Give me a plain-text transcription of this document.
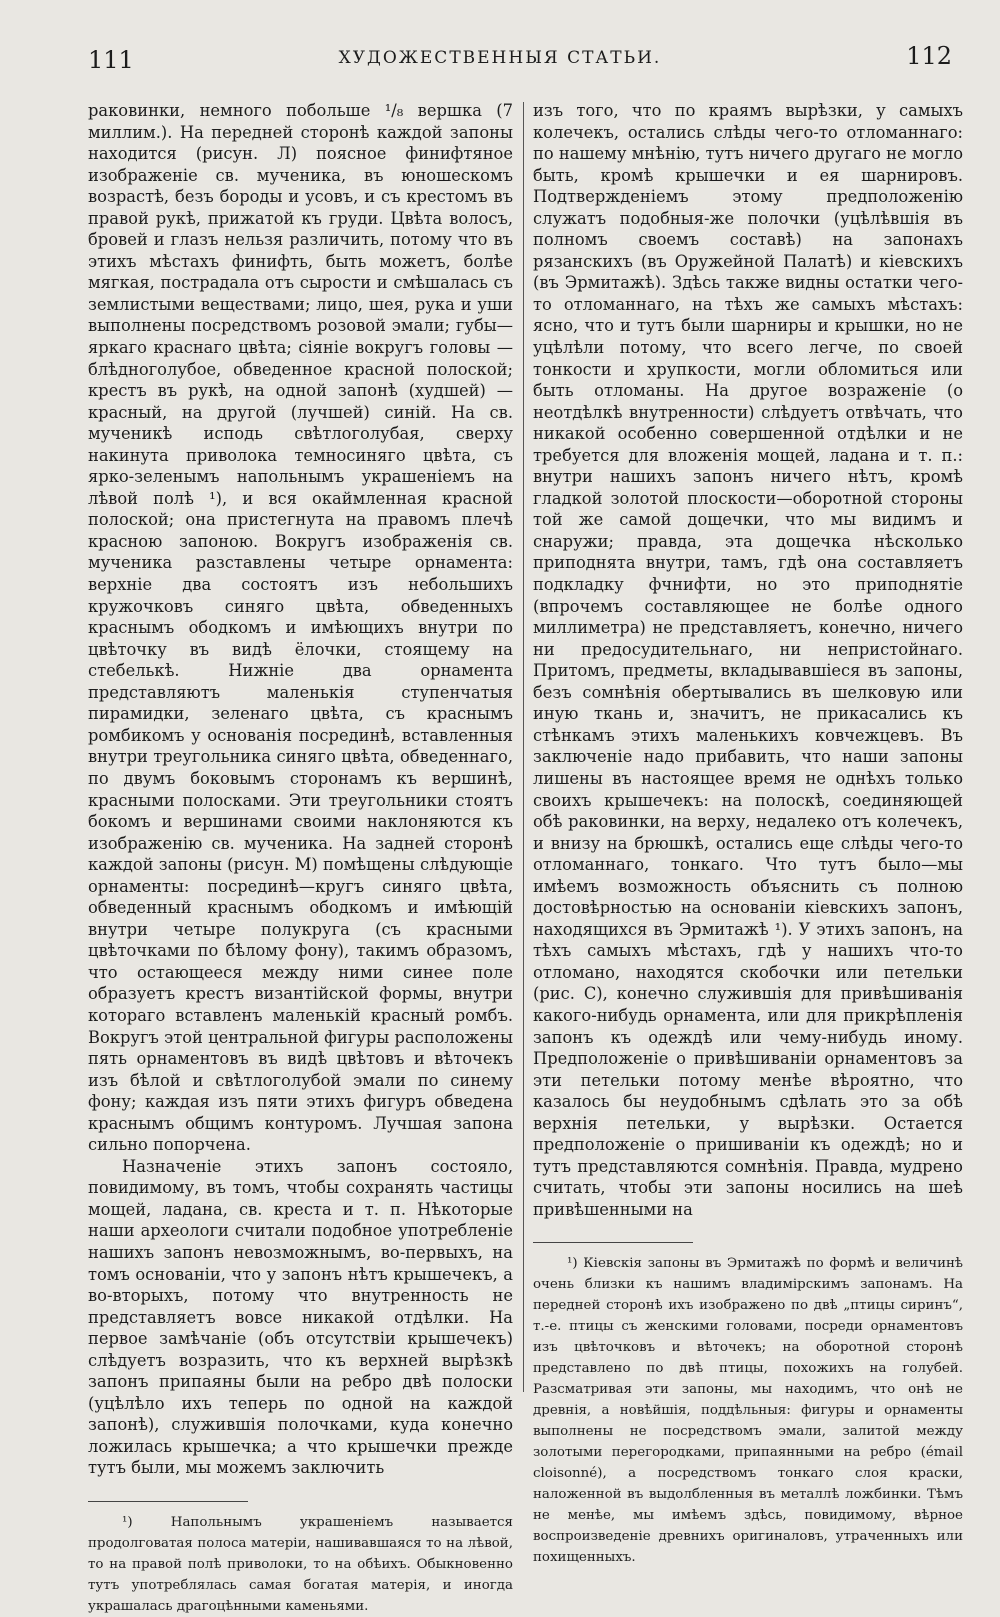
111	ХУДОЖЕСТВЕННЫЯ СТАТЬИ.	112

раковинки, немного побольше ¹/₈ вершка (7 миллим.). На передней сторонѣ каждой запоны находится (рисун. Л) поясное финифтяное изображеніе св. мученика, въ юношескомъ возрастѣ, безъ бороды и усовъ, и съ крестомъ въ правой рукѣ, прижатой къ груди. Цвѣта волосъ, бровей и глазъ нельзя различить, потому что въ этихъ мѣстахъ финифть, быть можетъ, болѣе мягкая, пострадала отъ сырости и смѣшалась съ землистыми веществами; лицо, шея, рука и уши выполнены посредствомъ розовой эмали; губы—яркаго краснаго цвѣта; сіяніе вокругъ головы —блѣдноголубое, обведенное красной полоской; крестъ въ рукѣ, на одной запонѣ (худшей) — красный, на другой (лучшей) синій. На св. мученикѣ исподь свѣтлоголубая, сверху накинута приволока темносиняго цвѣта, съ ярко-зеленымъ напольнымъ украшеніемъ на лѣвой полѣ ¹), и вся окаймленная красной полоской; она пристегнута на правомъ плечѣ красною запоною. Вокругъ изображенія св. мученика разставлены четыре орнамента: верхніе два состоятъ изъ небольшихъ кружочковъ синяго цвѣта, обведенныхъ краснымъ ободкомъ и имѣющихъ внутри по цвѣточку въ видѣ ёлочки, стоящему на стебелькѣ. Нижніе два орнамента представляютъ маленькія ступенчатыя пирамидки, зеленаго цвѣта, съ краснымъ ромбикомъ у основанія посрединѣ, вставленныя внутри треугольника синяго цвѣта, обведеннаго, по двумъ боковымъ сторонамъ къ вершинѣ, красными полосками. Эти треугольники стоятъ бокомъ и вершинами своими наклоняются къ изображенію св. мученика. На задней сторонѣ каждой запоны (рисун. М) помѣщены слѣдующіе орнаменты: посрединѣ—кругъ синяго цвѣта, обведенный краснымъ ободкомъ и имѣющій внутри четыре полукруга (съ красными цвѣточками по бѣлому фону), такимъ образомъ, что остающееся между ними синее поле образуетъ крестъ византійской формы, внутри котораго вставленъ маленькій красный ромбъ. Вокругъ этой центральной фигуры расположены пять орнаментовъ въ видѣ цвѣтовъ и вѣточекъ изъ бѣлой и свѣтлоголубой эмали по синему фону; каждая изъ пяти этихъ фигуръ обведена краснымъ общимъ контуромъ. Лучшая запона сильно попорчена.

Назначеніе этихъ запонъ состояло, повидимому, въ томъ, чтобы сохранять частицы мощей, ладана, св. креста и т. п. Нѣкоторые наши археологи считали подобное употребленіе нашихъ запонъ невозможнымъ, во-первыхъ, на томъ основаніи, что у запонъ нѣтъ крышечекъ, а во-вторыхъ, потому что внутренность не представляетъ вовсе никакой отдѣлки. На первое замѣчаніе (объ отсутствіи крышечекъ) слѣдуетъ возразить, что къ верхней вырѣзкѣ запонъ припаяны были на ребро двѣ полоски (уцѣлѣло ихъ теперь по одной на каждой запонѣ), служившія полочками, куда конечно ложилась крышечка; а что крышечки прежде тутъ были, мы можемъ заключить

¹) Напольнымъ украшеніемъ называется продолговатая полоса матеріи, нашивавшаяся то на лѣвой, то на правой полѣ приволоки, то на обѣихъ. Обыкновенно тутъ употреблялась самая богатая матерія, и иногда украшалась драгоцѣнными каменьями.

изъ того, что по краямъ вырѣзки, у самыхъ колечекъ, остались слѣды чего-то отломаннаго: по нашему мнѣнію, тутъ ничего другаго не могло быть, кромѣ крышечки и ея шарнировъ. Подтвержденіемъ этому предположенію служатъ подобныя-же полочки (уцѣлѣвшія въ полномъ своемъ составѣ) на запонахъ рязанскихъ (въ Оружейной Палатѣ) и кіевскихъ (въ Эрмитажѣ). Здѣсь также видны остатки чего-то отломаннаго, на тѣхъ же самыхъ мѣстахъ: ясно, что и тутъ были шарниры и крышки, но не уцѣлѣли потому, что всего легче, по своей тонкости и хрупкости, могли обломиться или быть отломаны. На другое возраженіе (о неотдѣлкѣ внутренности) слѣдуетъ отвѣчать, что никакой особенно совершенной отдѣлки и не требуется для вложенія мощей, ладана и т. п.: внутри нашихъ запонъ ничего нѣтъ, кромѣ гладкой золотой плоскости—оборотной стороны той же самой дощечки, что мы видимъ и снаружи; правда, эта дощечка нѣсколько приподнята внутри, тамъ, гдѣ она составляетъ подкладку фчнифти, но это приподнятіе (впрочемъ составляющее не болѣе одного миллиметра) не представляетъ, конечно, ничего ни предосудительнаго, ни непристойнаго. Притомъ, предметы, вкладывавшіеся въ запоны, безъ сомнѣнія обертывались въ шелковую или иную ткань и, значитъ, не прикасались къ стѣнкамъ этихъ маленькихъ ковчежцевъ. Въ заключеніе надо прибавить, что наши запоны лишены въ настоящее время не однѣхъ только своихъ крышечекъ: на полоскѣ, соединяющей обѣ раковинки, на верху, недалеко отъ колечекъ, и внизу на брюшкѣ, остались еще слѣды чего-то отломаннаго, тонкаго. Что тутъ было—мы имѣемъ возможность объяснить съ полною достовѣрностью на основаніи кіевскихъ запонъ, находящихся въ Эрмитажѣ ¹). У этихъ запонъ, на тѣхъ самыхъ мѣстахъ, гдѣ у нашихъ что-то отломано, находятся скобочки или петельки (рис. С), конечно служившія для привѣшиванія какого-нибудь орнамента, или для прикрѣпленія запонъ къ одеждѣ или чему-нибудь иному. Предположеніе о привѣшиваніи орнаментовъ за эти петельки потому менѣе вѣроятно, что казалось бы неудобнымъ сдѣлать это за обѣ верхнія петельки, у вырѣзки. Остается предположеніе о пришиваніи къ одеждѣ; но и тутъ представляются сомнѣнія. Правда, мудрено считать, чтобы эти запоны носились на шеѣ привѣшенными на

¹) Кіевскія запоны въ Эрмитажѣ по формѣ и величинѣ очень близки къ нашимъ владимірскимъ запонамъ. На передней сторонѣ ихъ изображено по двѣ „птицы сиринъ“, т.-е. птицы съ женскими головами, посреди орнаментовъ изъ цвѣточковъ и вѣточекъ; на оборотной сторонѣ представлено по двѣ птицы, похожихъ на голубей. Разсматривая эти запоны, мы находимъ, что онѣ не древнія, а новѣйшія, поддѣльныя: фигуры и орнаменты выполнены не посредствомъ эмали, залитой между золотыми перегородками, припаянными на ребро (émail cloisonné), а посредствомъ тонкаго слоя краски, наложенной въ выдолбленныя въ металлѣ ложбинки. Тѣмъ не менѣе, мы имѣемъ здѣсь, повидимому, вѣрное воспроизведеніе древнихъ оригиналовъ, утраченныхъ или похищенныхъ.
